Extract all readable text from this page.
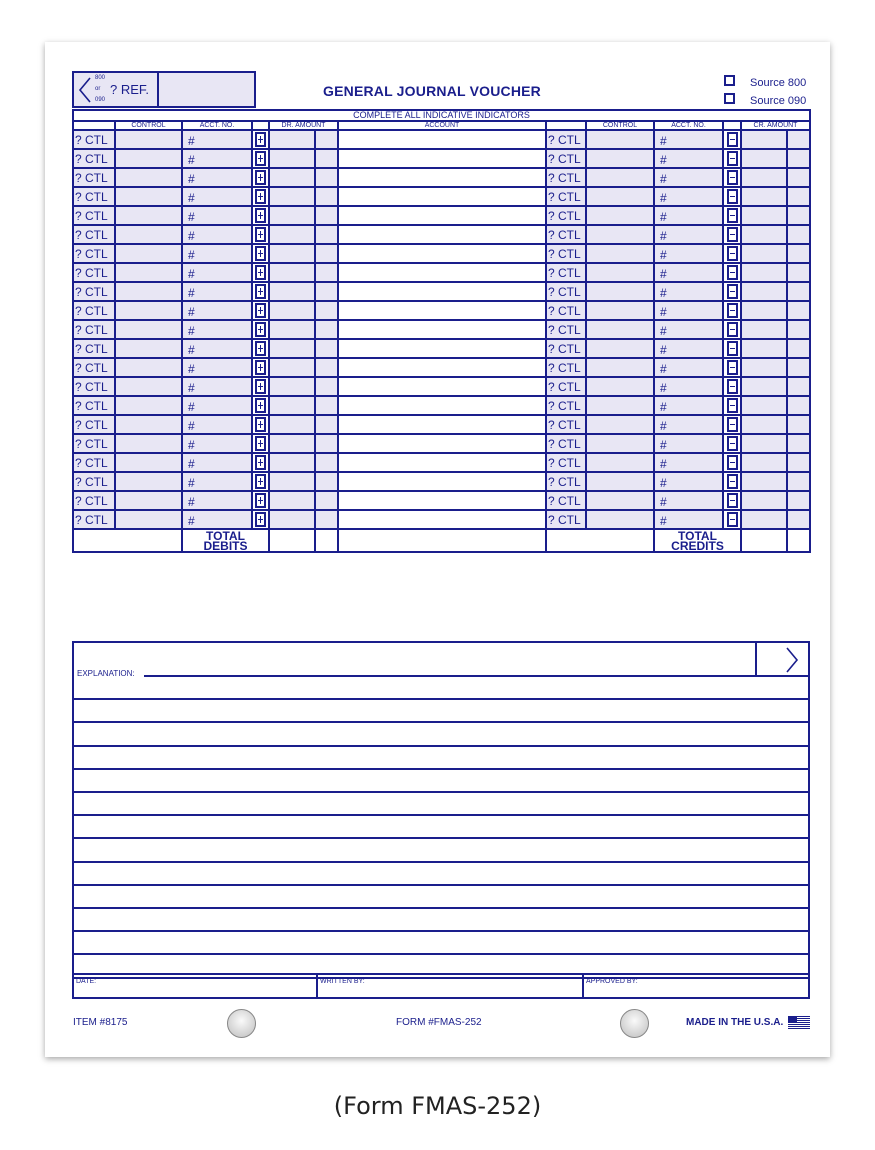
800
or
090
? REF.	GENERAL JOURNAL VOUCHER	Source 800
Source 090
COMPLETE ALL INDICATIVE INDICATORS												
	CONTROL	ACCT. NO.		DR. AMOUNT		ACCOUNT		CONTROL	ACCT. NO.		CR. AMOUNT	
? CTL		#					? CTL		#	

? CTL		#					? CTL		#	

? CTL		#					? CTL		#	

? CTL		#					? CTL		#	

? CTL		#					? CTL		#	

? CTL		#					? CTL		#	

? CTL		#					? CTL		#	

? CTL		#					? CTL		#	

? CTL		#					? CTL		#	

? CTL		#					? CTL		#	

? CTL		#					? CTL		#	

? CTL		#					? CTL		#	

? CTL		#					? CTL		#	

? CTL		#					? CTL		#	

? CTL		#					? CTL		#	

? CTL		#					? CTL		#	

? CTL		#					? CTL		#	

? CTL		#					? CTL		#	

? CTL		#					? CTL		#	

? CTL		#					? CTL		#	

? CTL		#					? CTL		#	

		TOTAL
DEBITS							TOTAL
CREDITS			
EXPLANATION:
DATE:	WRITTEN BY:	APPROVED BY:
ITEM #8175	FORM #FMAS-252	MADE IN THE U.S.A.
(Form FMAS-252)
